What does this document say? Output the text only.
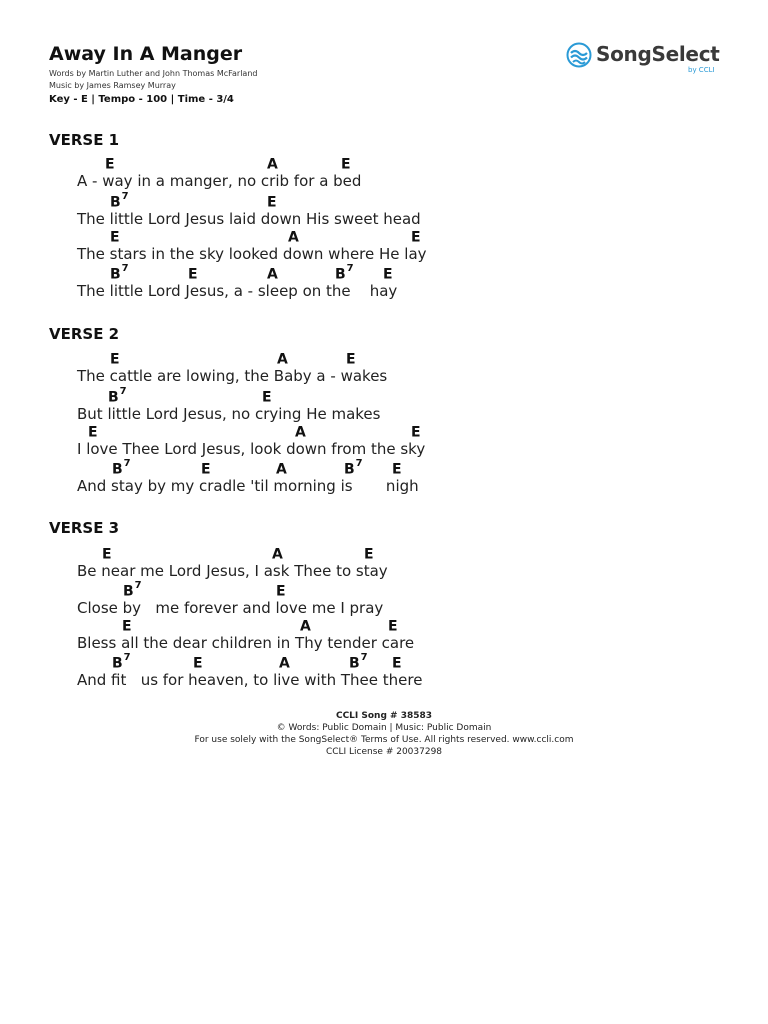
Away In A Manger
Words by Martin Luther and John Thomas McFarland
Music by James Ramsey Murray
Key - E | Tempo - 100 | Time - 3/4
SongSelect
by CCLI
VERSE 1
E	A	E
A - way in a manger, no crib for a bed
$B^7$	E
The little Lord Jesus laid down His sweet head
E	A	E
The stars in the sky looked down where He lay
$B^7$	E	A	$B^7$ E
The little Lord Jesus, a - sleep on the    hay
VERSE 2
E	A	E
The cattle are lowing, the Baby a - wakes
$B^7$	E
But little Lord Jesus, no crying He makes
E	A	E
I love Thee Lord Jesus, look down from the sky
$B^7$	E	A	$B^7$ E
And stay by my cradle 'til morning is       nigh
VERSE 3
E	A	E
Be near me Lord Jesus, I ask Thee to stay
$B^7$	E
Close by   me forever and love me I pray
E	A	E
Bless all the dear children in Thy tender care
$B^7$	E	A	$B^7$ E
And fit   us for heaven, to live with Thee there
CCLI Song # 38583
© Words: Public Domain | Music: Public Domain
For use solely with the SongSelect® Terms of Use. All rights reserved. www.ccli.com
CCLI License # 20037298
